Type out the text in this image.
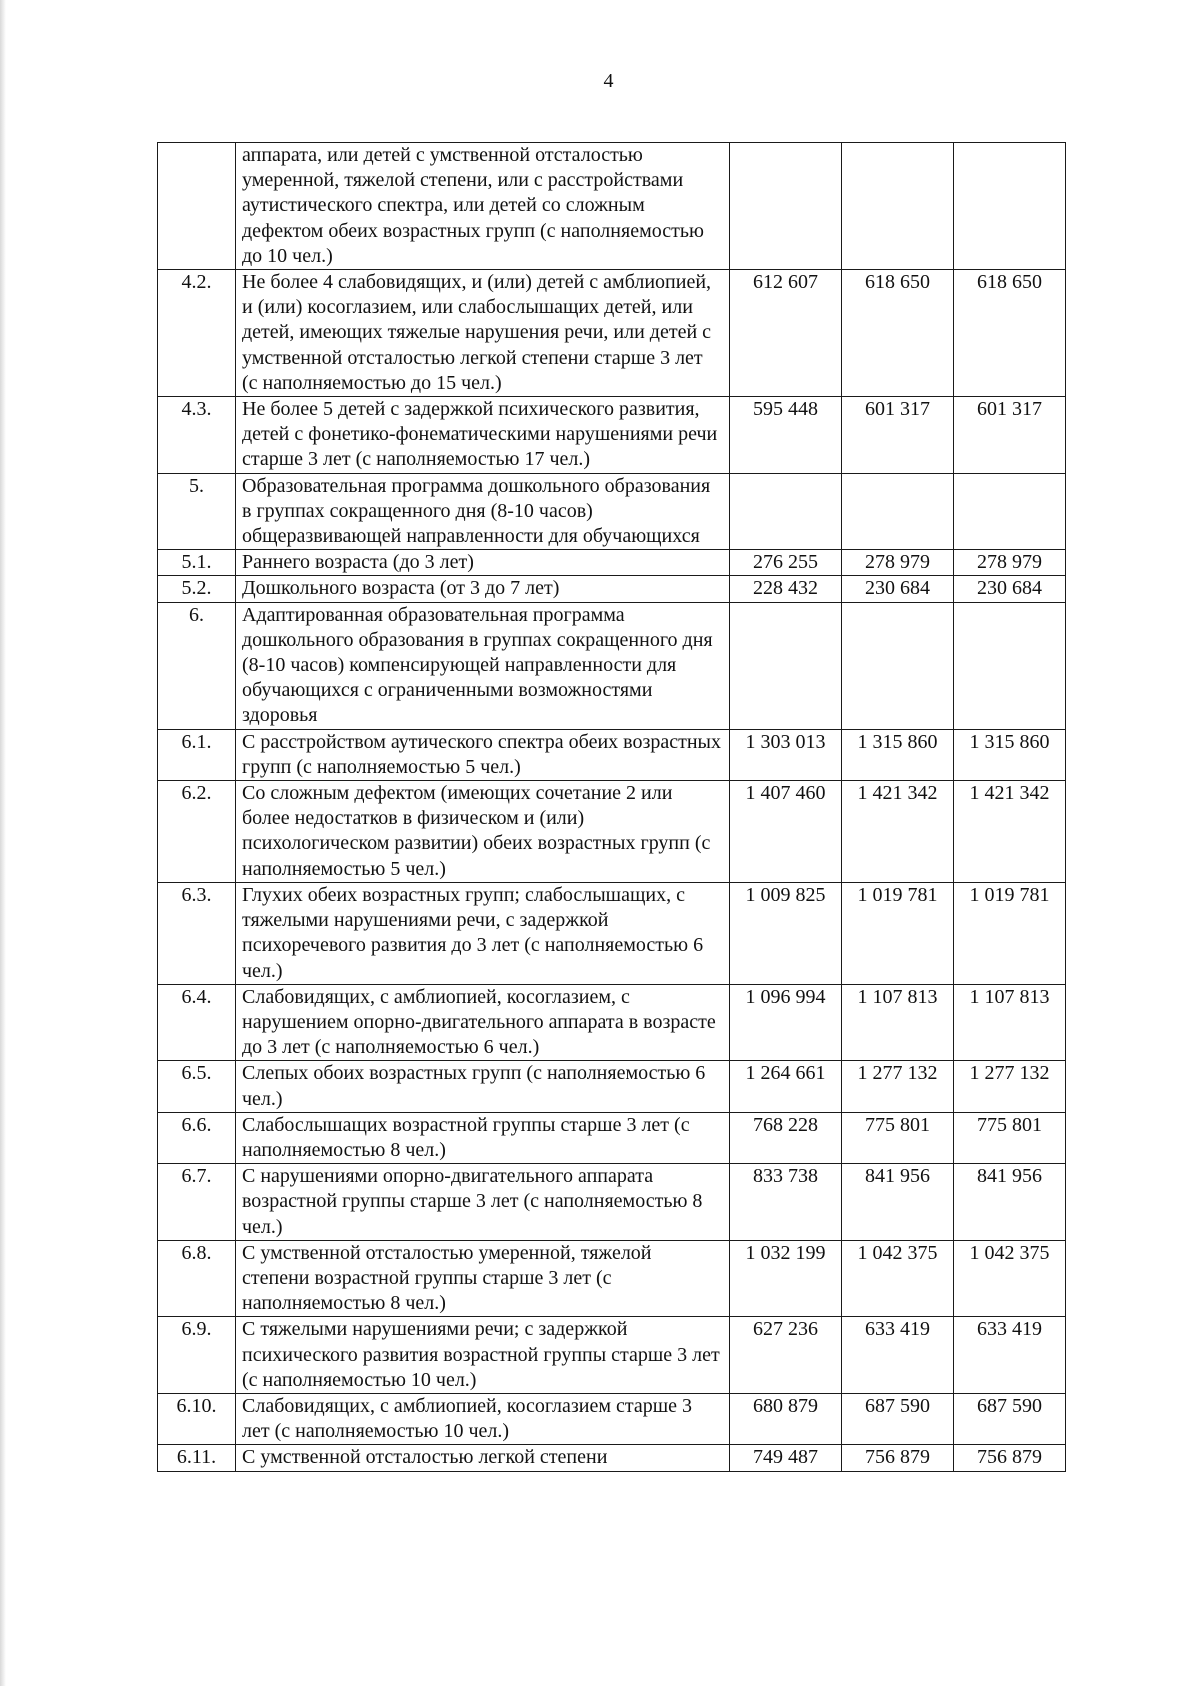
4
	аппарата, или детей с умственной отсталостью умеренной, тяжелой степени, или с расстройствами аутистического спектра, или детей со сложным дефектом обеих возрастных групп (с наполняемостью до 10 чел.)			
4.2.	Не более 4 слабовидящих, и (или) детей с амблиопией, и (или) косоглазием, или слабослышащих детей, или детей, имеющих тяжелые нарушения речи, или детей с умственной отсталостью легкой степени старше 3 лет (с наполняемостью до 15 чел.)	612 607	618 650	618 650
4.3.	Не более 5 детей с задержкой психического развития, детей с фонетико-фонематическими нарушениями речи старше 3 лет (с наполняемостью 17 чел.)	595 448	601 317	601 317
5.	Образовательная программа дошкольного образования в группах сокращенного дня (8-10 часов) общеразвивающей направленности для обучающихся			
5.1.	Раннего возраста (до 3 лет)	276 255	278 979	278 979
5.2.	Дошкольного возраста (от 3 до 7 лет)	228 432	230 684	230 684
6.	Адаптированная образовательная программа дошкольного образования в группах сокращенного дня (8-10 часов) компенсирующей направленности для обучающихся с ограниченными возможностями здоровья			
6.1.	С расстройством аутического спектра обеих возрастных групп (с наполняемостью 5 чел.)	1 303 013	1 315 860	1 315 860
6.2.	Со сложным дефектом (имеющих сочетание 2 или более недостатков в физическом и (или) психологическом развитии) обеих возрастных групп (с наполняемостью 5 чел.)	1 407 460	1 421 342	1 421 342
6.3.	Глухих обеих возрастных групп; слабослышащих, с тяжелыми нарушениями речи, с задержкой психоречевого развития до 3 лет (с наполняемостью 6 чел.)	1 009 825	1 019 781	1 019 781
6.4.	Слабовидящих, с амблиопией, косоглазием, с нарушением опорно-двигательного аппарата в возрасте до 3 лет (с наполняемостью 6 чел.)	1 096 994	1 107 813	1 107 813
6.5.	Слепых обоих возрастных групп (с наполняемостью 6 чел.)	1 264 661	1 277 132	1 277 132
6.6.	Слабослышащих возрастной группы старше 3 лет (с наполняемостью 8 чел.)	768 228	775 801	775 801
6.7.	С нарушениями опорно-двигательного аппарата возрастной группы старше 3 лет (с наполняемостью 8 чел.)	833 738	841 956	841 956
6.8.	С умственной отсталостью умеренной, тяжелой степени возрастной группы старше 3 лет (с наполняемостью 8 чел.)	1 032 199	1 042 375	1 042 375
6.9.	С тяжелыми нарушениями речи; с задержкой психического развития возрастной группы старше 3 лет (с наполняемостью 10 чел.)	627 236	633 419	633 419
6.10.	Слабовидящих, с амблиопией, косоглазием старше 3 лет (с наполняемостью 10 чел.)	680 879	687 590	687 590
6.11.	С умственной отсталостью легкой степени	749 487	756 879	756 879
